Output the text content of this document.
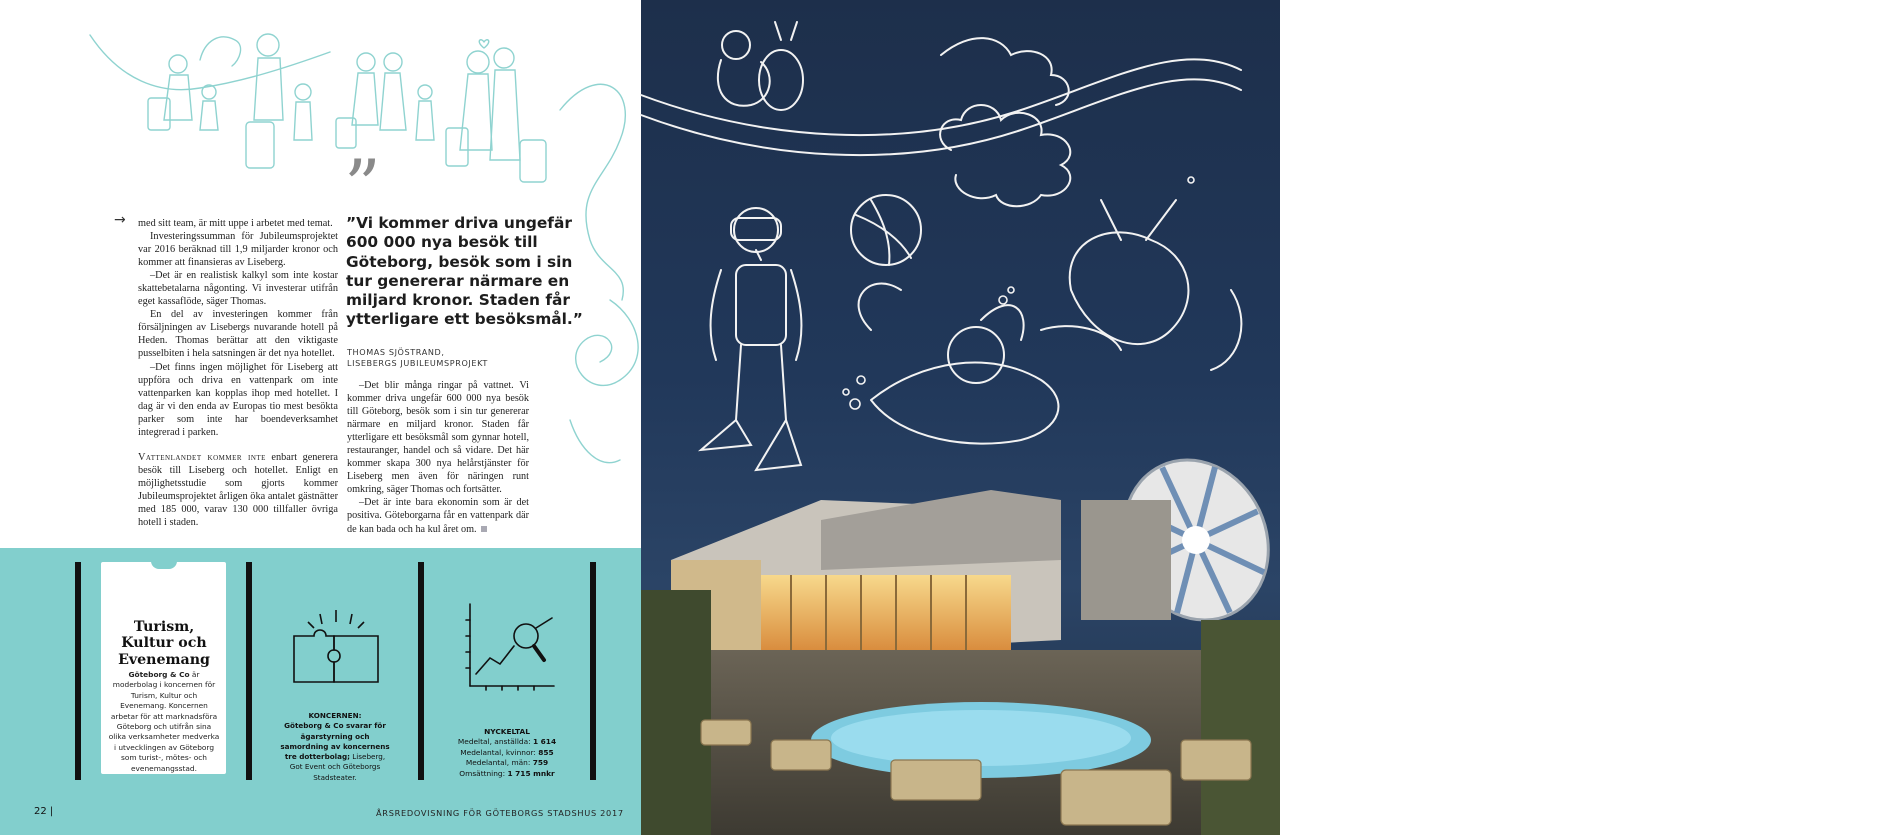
→ med sitt team, är mitt uppe i arbetet med temat.

Investeringssumman för Jubileumsprojektet var 2016 beräknad till 1,9 miljarder kronor och kommer att finansieras av Liseberg.

–Det är en realistisk kalkyl som inte kostar skattebetalarna någonting. Vi investerar utifrån eget kassaflöde, säger Thomas.

En del av investeringen kommer från försäljningen av Lisebergs nuvarande hotell på Heden. Thomas berättar att den viktigaste pusselbiten i hela satsningen är det nya hotellet.

–Det finns ingen möjlighet för Liseberg att uppföra och driva en vattenpark om inte vattenparken kan kopplas ihop med hotellet. I dag är vi den enda av Europas tio mest besökta parker som inte har boendeverksamhet integrerad i parken.

Vattenlandet kommer inte enbart generera besök till Liseberg och hotellet. Enligt en möjlighetsstudie som gjorts kommer Jubileumsprojektet årligen öka antalet gästnätter med 185 000, varav 130 000 tillfaller övriga hotell i staden.

”
”Vi kommer driva ungefär 600 000 nya besök till Göteborg, besök som i sin tur genererar närmare en miljard kronor. Staden får ytterligare ett besöksmål.”
THOMAS SJÖSTRAND,
LISEBERGS JUBILEUMSPROJEKT

–Det blir många ringar på vattnet. Vi kommer driva ungefär 600 000 nya besök till Göteborg, besök som i sin tur genererar närmare en miljard kronor. Staden får ytterligare ett besöksmål som gynnar hotell, restauranger, handel och så vidare. Det här kommer skapa 300 nya helårstjänster för Liseberg men även för näringen runt omkring, säger Thomas och fortsätter.

–Det är inte bara ekonomin som är det positiva. Göteborgarna får en vattenpark där de kan bada och ha kul året om.

Turism,
Kultur och
Evenemang
Göteborg & Co är moderbolag i koncernen för Turism, Kultur och Evenemang. Koncernen arbetar för att marknadsföra Göteborg och utifrån sina olika verksamheter medverka i utvecklingen av Göteborg som turist-, mötes- och evenemangsstad.
KONCERNEN:
Göteborg & Co svarar för ägarstyrning och samordning av koncernens tre dotterbolag; Liseberg, Got Event och Göteborgs Stadsteater.
NYCKELTAL
Medeltal, anställda: 1 614
Medelantal, kvinnor: 855
Medelantal, män: 759
Omsättning: 1 715 mnkr
22 |	ÅRSREDOVISNING FÖR GÖTEBORGS STADSHUS 2017	| 23
